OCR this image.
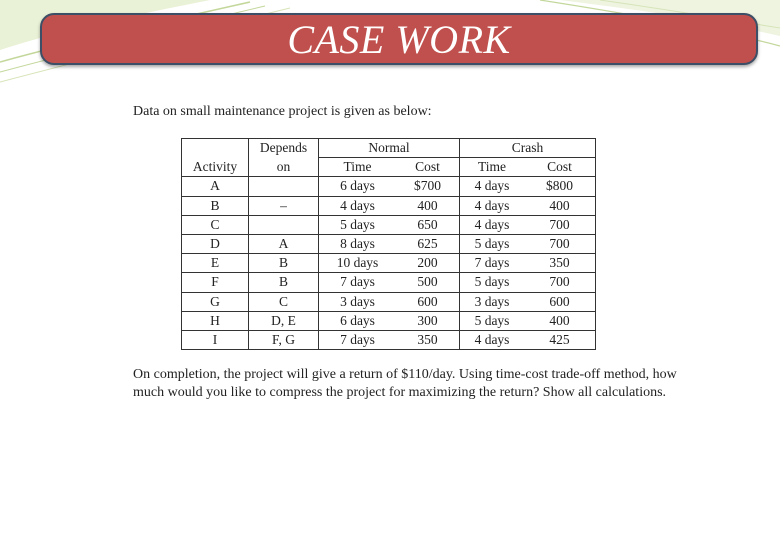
CASE WORK
Data on small maintenance project is given as below:
	Depends	Normal		Crash	
Activity	on	Time	Cost	Time	Cost
A		6 days	$700	4 days	$800
B	–	4 days	400	4 days	400
C		5 days	650	4 days	700
D	A	8 days	625	5 days	700
E	B	10 days	200	7 days	350
F	B	7 days	500	5 days	700
G	C	3 days	600	3 days	600
H	D, E	6 days	300	5 days	400
I	F, G	7 days	350	4 days	425
On completion, the project will give a return of $110/day. Using time-cost trade-off method, how much would you like to compress the project for maximizing the return? Show all calculations.
